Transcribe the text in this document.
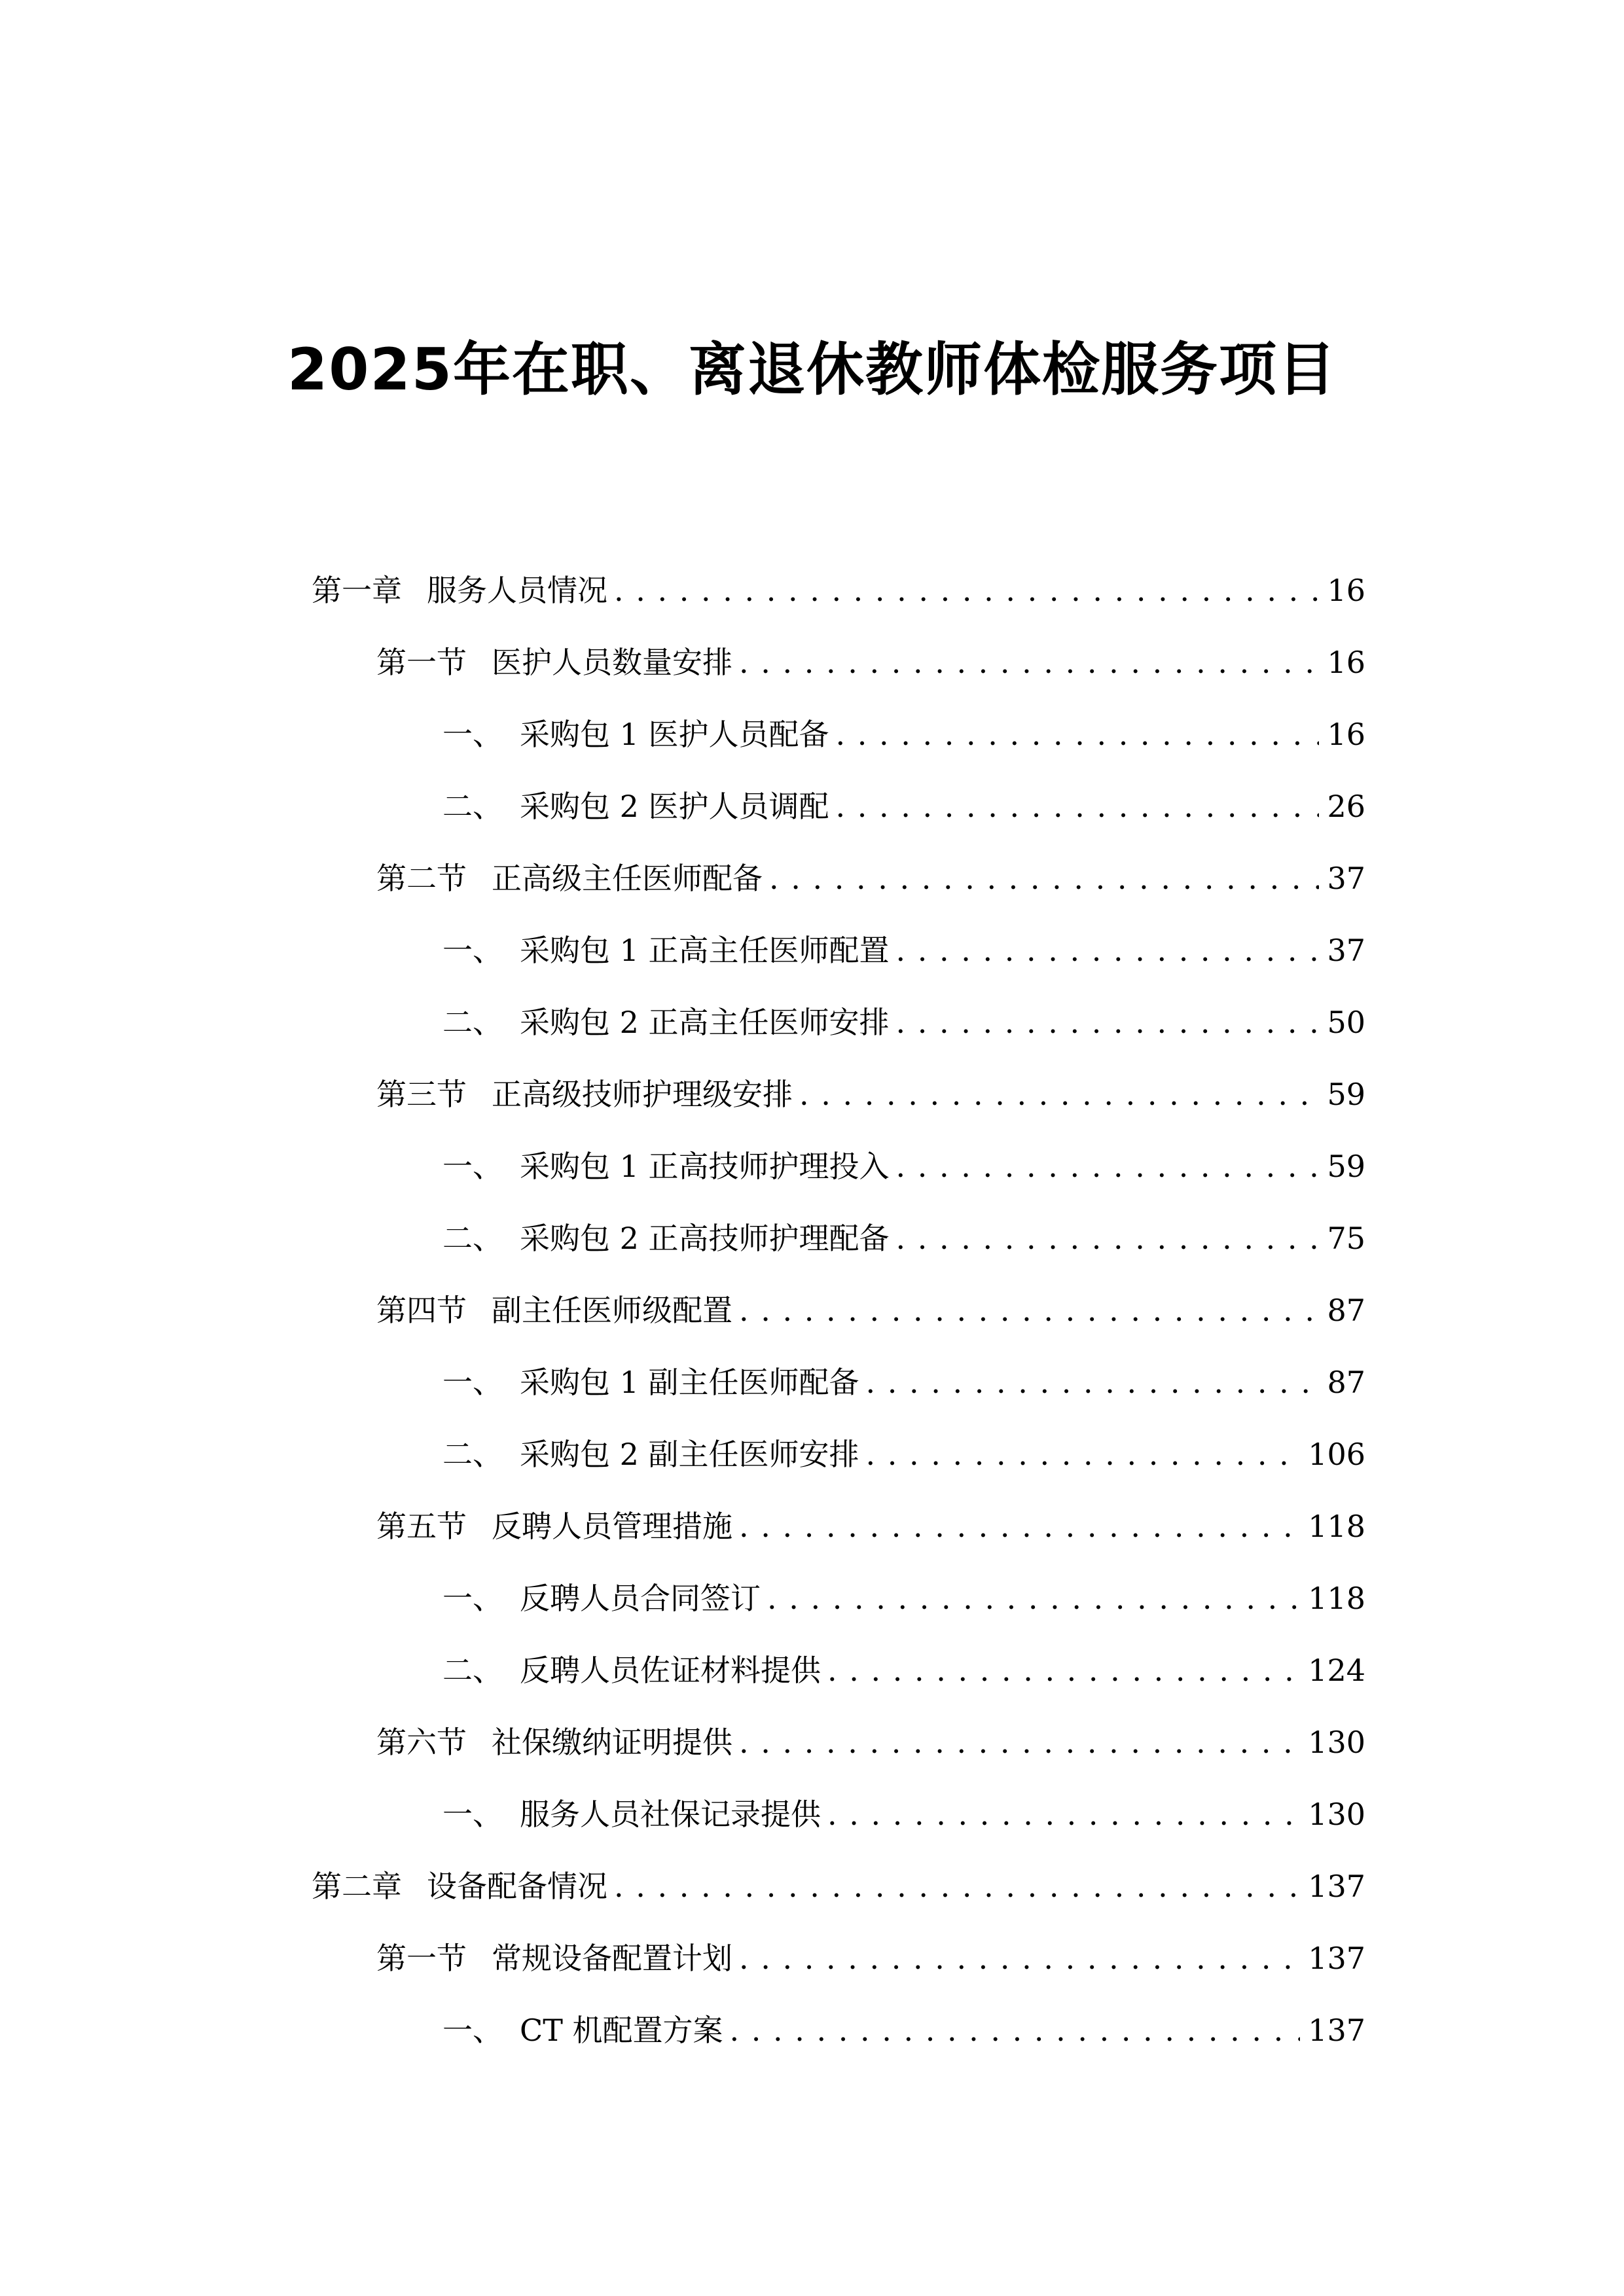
2025年在职、离退休教师体检服务项目
第一章 服务人员情况 . . .	16
第一节 医护人员数量安排 . . .	16
一、 采购包 1 医护人员配备 . . .	16
二、 采购包 2 医护人员调配 . . .	26
第二节 正高级主任医师配备 . . .	37
一、 采购包 1 正高主任医师配置 . . .	37
二、 采购包 2 正高主任医师安排 . . .	50
第三节 正高级技师护理级安排 . . .	59
一、 采购包 1 正高技师护理投入 . . .	59
二、 采购包 2 正高技师护理配备 . . .	75
第四节 副主任医师级配置 . . .	87
一、 采购包 1 副主任医师配备 . . .	87
二、 采购包 2 副主任医师安排 . . .	106
第五节 反聘人员管理措施 . . .	118
一、 反聘人员合同签订 . . .	118
二、 反聘人员佐证材料提供 . . .	124
第六节 社保缴纳证明提供 . . .	130
一、 服务人员社保记录提供 . . .	130
第二章 设备配备情况 . . .	137
第一节 常规设备配置计划 . . .	137
一、 CT 机配置方案 . . .	137
